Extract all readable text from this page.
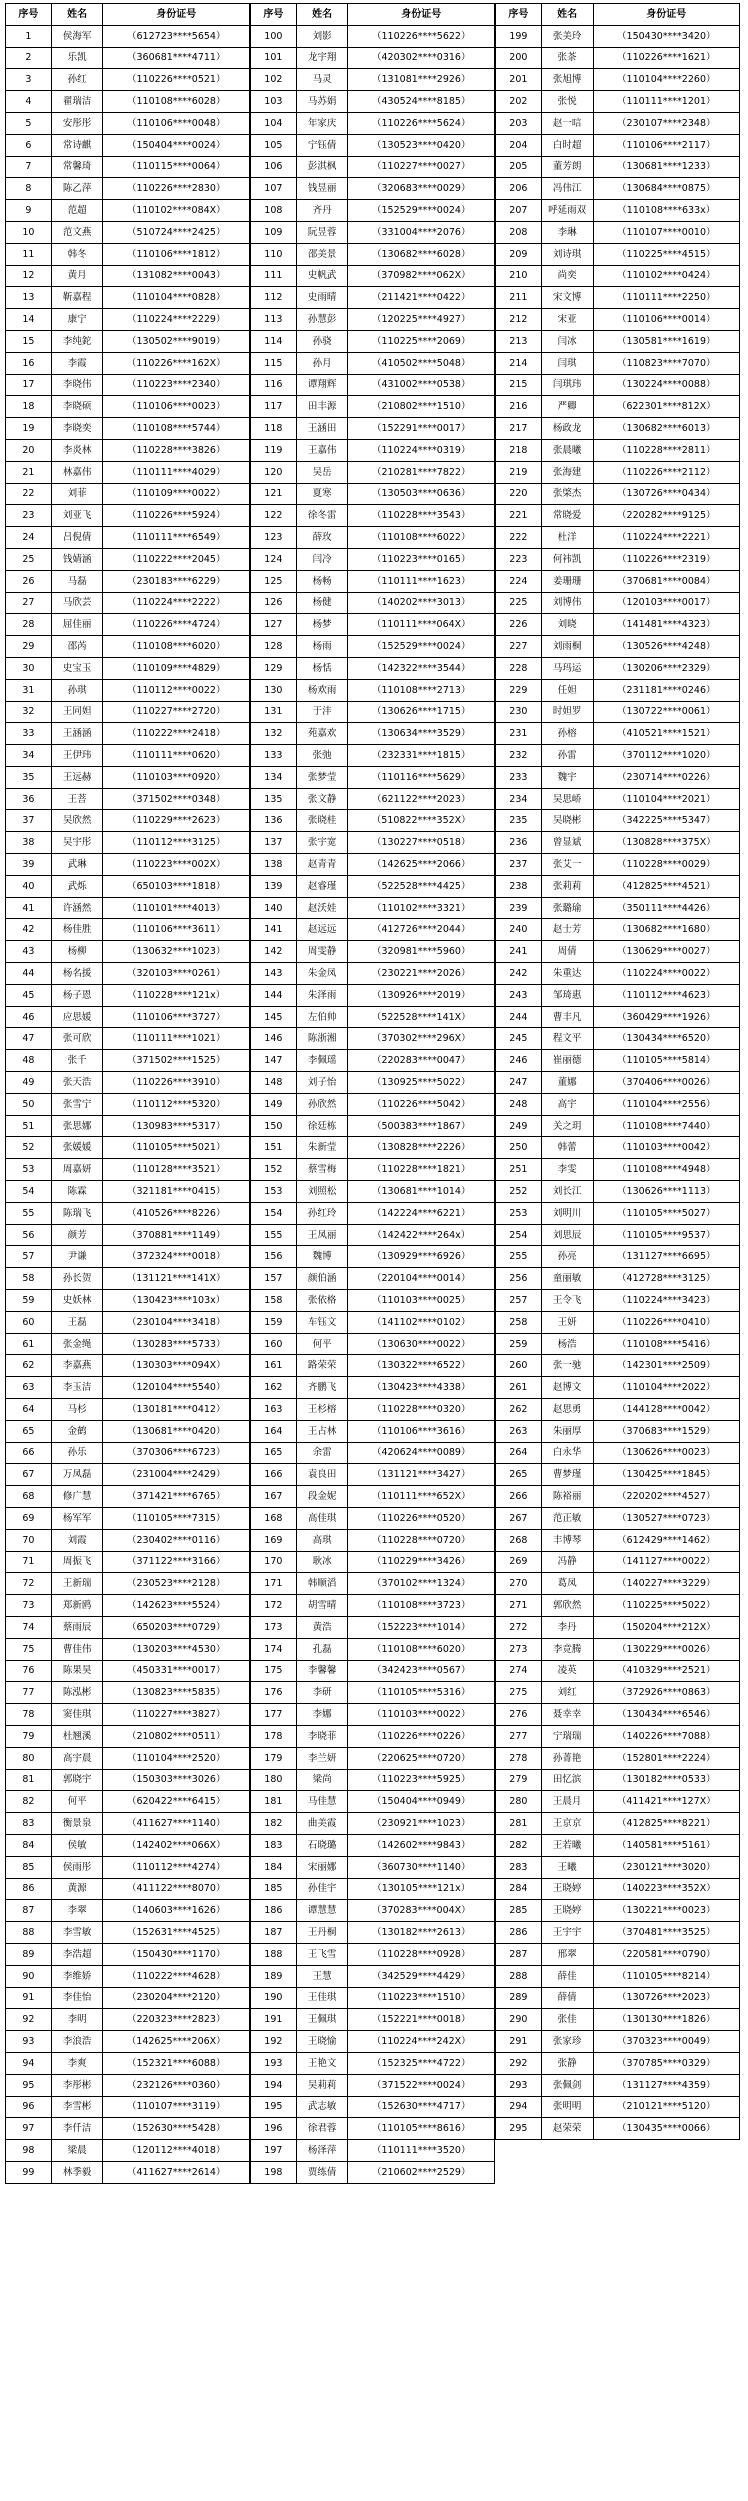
序号	姓名	身份证号
1	侯海军	（612723****5654）
2	乐凯	（360681****4711）
3	孙红	（110226****0521）
4	翟瑞洁	（110108****6028）
5	安彤彤	（110106****0048）
6	常诗麒	（150404****0024）
7	常馨琦	（110115****0064）
8	陈乙萍	（110226****2830）
9	范超	（110102****084X）
10	范文燕	（510724****2425）
11	韩冬	（110106****1812）
12	黄月	（131082****0043）
13	靳嘉程	（110104****0828）
14	康宁	（110224****2229）
15	李纯鉈	（130502****9019）
16	李霞	（110226****162X）
17	李晓伟	（110223****2340）
18	李晓硕	（110106****0023）
19	李晓奕	（110108****5744）
20	李炎林	（110228****3826）
21	林嘉伟	（110111****4029）
22	刘菲	（110109****0022）
23	刘亚飞	（110226****5924）
24	吕倪倩	（110111****6549）
25	钱婧涵	（110222****2045）
26	马磊	（230183****6229）
27	马欣芸	（110224****2222）
28	屈佳丽	（110226****4724）
29	邵芮	（110108****6020）
30	史宝玉	（110109****4829）
31	孙琪	（110112****0022）
32	王同妲	（110227****2720）
33	王涵涵	（110222****2418）
34	王伊玮	（110111****0620）
35	王远赫	（110103****0920）
36	王菩	（371502****0348）
37	吴欣然	（110229****2623）
38	吴宇彤	（110112****3125）
39	武琳	（110223****002X）
40	武烁	（650103****1818）
41	许涵然	（110101****4013）
42	杨佳胜	（110106****3611）
43	杨柳	（130632****1023）
44	杨名援	（320103****0261）
45	杨子恩	（110228****121x）
46	应思媛	（110106****3727）
47	张可欣	（110111****1021）
48	张千	（371502****1525）
49	张天浩	（110226****3910）
50	张雪宁	（110112****5320）
51	张思娜	（130983****5317）
52	张媛媛	（110105****5021）
53	周嘉妍	（110128****3521）
54	陈霖	（321181****0415）
55	陈瑞飞	（410526****8226）
56	颜芳	（370881****1149）
57	尹谦	（372324****0018）
58	孙长贺	（131121****141X）
59	史妖林	（130423****103x）
60	王磊	（230104****3418）
61	张金绳	（130283****5733）
62	李嘉燕	（130303****094X）
63	李玉洁	（120104****5540）
64	马杉	（130181****0412）
65	金鹤	（130681****0420）
66	孙乐	（370306****6723）
67	万凤磊	（231004****2429）
68	修广慧	（371421****6765）
69	杨军军	（110105****7315）
70	刘霞	（230402****0116）
71	周振飞	（371122****3166）
72	王新瑞	（230523****2128）
73	郑新鸥	（142623****5524）
74	蔡雨辰	（650203****0729）
75	曹佳伟	（130203****4530）
76	陈果昊	（450331****0017）
77	陈泓彬	（130823****5835）
78	窦佳琪	（110227****3827）
79	杜翘溪	（210802****0511）
80	高宇晨	（110104****2520）
81	郭晓宇	（150303****3026）
82	何平	（620422****6415）
83	衡景泉	（411627****1140）
84	侯敏	（142402****066X）
85	侯雨彤	（110112****4274）
86	黄源	（411122****8070）
87	李翠	（140603****1626）
88	李雪敏	（152631****4525）
89	李浩超	（150430****1170）
90	李维娇	（110222****4628）
91	李佳怡	（230204****2120）
92	李明	（220323****2823）
93	李浪浩	（142625****206X）
94	李爽	（152321****6088）
95	李彤彬	（232126****0360）
96	李雪彬	（110107****3119）
97	李仟洁	（152630****5428）
98	梁晨	（120112****4018）
99	林季毅	（411627****2614）
序号	姓名	身份证号
100	刘影	（110226****5622）
101	龙宇翔	（420302****0316）
102	马灵	（131081****2926）
103	马苏娟	（430524****8185）
104	年家庆	（110226****5624）
105	宁钰倩	（130523****0420）
106	彭淇枫	（110227****0027）
107	钱昱丽	（320683****0029）
108	齐丹	（152529****0024）
109	阮昱蓉	（331004****2076）
110	邵美景	（130682****6028）
111	史帆武	（370982****062X）
112	史雨晴	（211421****0422）
113	孙慧彭	（120225****4927）
114	孙骁	（110225****2069）
115	孙月	（410502****5048）
116	谭翔辉	（431002****0538）
117	田丰源	（210802****1510）
118	王涵田	（152291****0017）
119	王嘉伟	（110224****0319）
120	吴岳	（210281****7822）
121	夏寒	（130503****0636）
122	徐冬雷	（110228****3543）
123	薛玫	（110108****6022）
124	闫冷	（110223****0165）
125	杨畅	（110111****1623）
126	杨健	（140202****3013）
127	杨梦	（110111****064X）
128	杨雨	（152529****0024）
129	杨恬	（142322****3544）
130	杨欢雨	（110108****2713）
131	于沣	（130626****1715）
132	苑嘉欢	（130634****3529）
133	张弛	（232331****1815）
134	张梦莹	（110116****5629）
135	张文静	（621122****2023）
136	张晓桂	（510822****352X）
137	张宇宽	（130227****0518）
138	赵青青	（142625****2066）
139	赵睿瑾	（522528****4425）
140	赵沃娃	（110102****3321）
141	赵远远	（412726****2044）
142	周雯静	（320981****5960）
143	朱金凤	（230221****2026）
144	朱泽雨	（130926****2019）
145	左伯帅	（522528****141X）
146	陈浙湘	（370302****296X）
147	李佩瑶	（220283****0047）
148	刘子怡	（130925****5022）
149	孙欣然	（110226****5042）
150	徐廷栋	（500383****1867）
151	朱新莹	（130828****2226）
152	蔡雪梅	（110228****1821）
153	刘照松	（130681****1014）
154	孙红玲	（142224****6221）
155	王凤丽	（142422****264x）
156	魏博	（130929****6926）
157	颜伯涵	（220104****0014）
158	张依格	（110103****0025）
159	车钰文	（141102****0102）
160	何平	（130630****0022）
161	路荣荣	（130322****6522）
162	齐鹏飞	（130423****4338）
163	王杉榕	（110228****0320）
164	王占林	（110106****3616）
165	余雷	（420624****0089）
166	袁良田	（131121****3427）
167	段金妮	（110111****652X）
168	高佳琪	（110226****0520）
169	高琪	（110228****0720）
170	耿冰	（110229****3426）
171	韩顺滔	（370102****1324）
172	胡雪晴	（110108****3723）
173	黄浩	（152223****1014）
174	孔磊	（110108****6020）
175	李馨馨	（342423****0567）
176	李研	（110105****5316）
177	李娜	（110103****0022）
178	李晓菲	（110226****0226）
179	李兰妍	（220625****0720）
180	梁尚	（110223****5925）
181	马佳慧	（150404****0949）
182	曲美霞	（230921****1023）
183	石晓璐	（142602****9843）
184	宋丽娜	（360730****1140）
185	孙佳宇	（130105****121x）
186	谭慧慧	（370283****004X）
187	王丹桐	（130182****2613）
188	王飞雪	（110228****0928）
189	王慧	（342529****4429）
190	王佳琪	（110223****1510）
191	王佩琪	（152221****0018）
192	王晓愉	（110224****242X）
193	王艳文	（152325****4722）
194	吴莉莉	（371522****0024）
195	武志敏	（152630****4717）
196	徐君蓉	（110105****8616）
197	杨泽萍	（110111****3520）
198	贾练倩	（210602****2529）
序号	姓名	身份证号
199	张美玲	（150430****3420）
200	张茶	（110226****1621）
201	张旭博	（110104****2260）
202	张悦	（110111****1201）
203	赵一唁	（230107****2348）
204	白时超	（110106****2117）
205	董芳朗	（130681****1233）
206	冯伟江	（130684****0875）
207	呼延雨双	（110108****633x）
208	李琳	（110107****0010）
209	刘诗琪	（110225****4515）
210	尚奕	（110102****0424）
211	宋文博	（110111****2250）
212	宋亚	（110106****0014）
213	闫冰	（130581****1619）
214	闫琪	（110823****7070）
215	闫琪玮	（130224****0088）
216	严卿	（622301****812X）
217	杨政龙	（130682****6013）
218	张晨曦	（110228****2811）
219	张海建	（110226****2112）
220	张棨杰	（130726****0434）
221	常晓爱	（220282****9125）
222	杜洋	（110224****2221）
223	何祎凯	（110226****2319）
224	姜珊珊	（370681****0084）
225	刘博伟	（120103****0017）
226	刘晓	（141481****4323）
227	刘雨桐	（130526****4248）
228	马玛运	（130206****2329）
229	任妲	（231181****0246）
230	时妲罗	（130722****0061）
231	孙榕	（410521****1521）
232	孙雷	（370112****1020）
233	魏宇	（230714****0226）
234	吴思峤	（110104****2021）
235	吴晓彬	（342225****5347）
236	曾显斌	（130828****375X）
237	张艾一	（110228****0029）
238	张莉莉	（412825****4521）
239	张璐瑜	（350111****4426）
240	赵士芳	（130682****1680）
241	周倩	（130629****0027）
242	朱重达	（110224****0022）
243	邹琦惠	（110112****4623）
244	曹丰凡	（360429****1926）
245	程文平	（130434****6520）
246	崔丽德	（110105****5814）
247	董娜	（370406****0026）
248	高宇	（110104****2556）
249	关之玥	（110108****7440）
250	韩蕾	（110103****0042）
251	李雯	（110108****4948）
252	刘长江	（130626****1113）
253	刘明川	（110105****5027）
254	刘思辰	（110105****9537）
255	孙亮	（131127****6695）
256	童丽敏	（412728****3125）
257	王令飞	（110224****3423）
258	王妍	（110226****0410）
259	杨浩	（110108****5416）
260	张一驰	（142301****2509）
261	赵博文	（110104****2022）
262	赵思勇	（144128****0042）
263	朱丽厚	（370683****1529）
264	白永华	（130626****0023）
265	曹梦瑾	（130425****1845）
266	陈裕丽	（220202****4527）
267	范正敏	（130527****0723）
268	丰博琴	（612429****1462）
269	冯静	（141127****0022）
270	葛凤	（140227****3229）
271	郭欣然	（110225****5022）
272	李丹	（150204****212X）
273	李竞腾	（130229****0026）
274	凌英	（410329****2521）
275	刘红	（372926****0863）
276	聂幸幸	（130434****6546）
277	宁瑞瑞	（140226****7088）
278	孙菁艳	（152801****2224）
279	田忆滨	（130182****0533）
280	王晨月	（411421****127X）
281	王京京	（412825****8221）
282	王若曦	（140581****5161）
283	王曦	（230121****3020）
284	王晓婷	（140223****352X）
285	王晓婷	（130221****0023）
286	王宇宇	（370481****3525）
287	邢翠	（220581****0790）
288	薛佳	（110105****8214）
289	薛倩	（130726****2023）
290	张佳	（130130****1826）
291	张家珍	（370323****0049）
292	张静	（370785****0329）
293	张佩剑	（131127****4359）
294	张明明	（210121****5120）
295	赵荣荣	（130435****0066）
